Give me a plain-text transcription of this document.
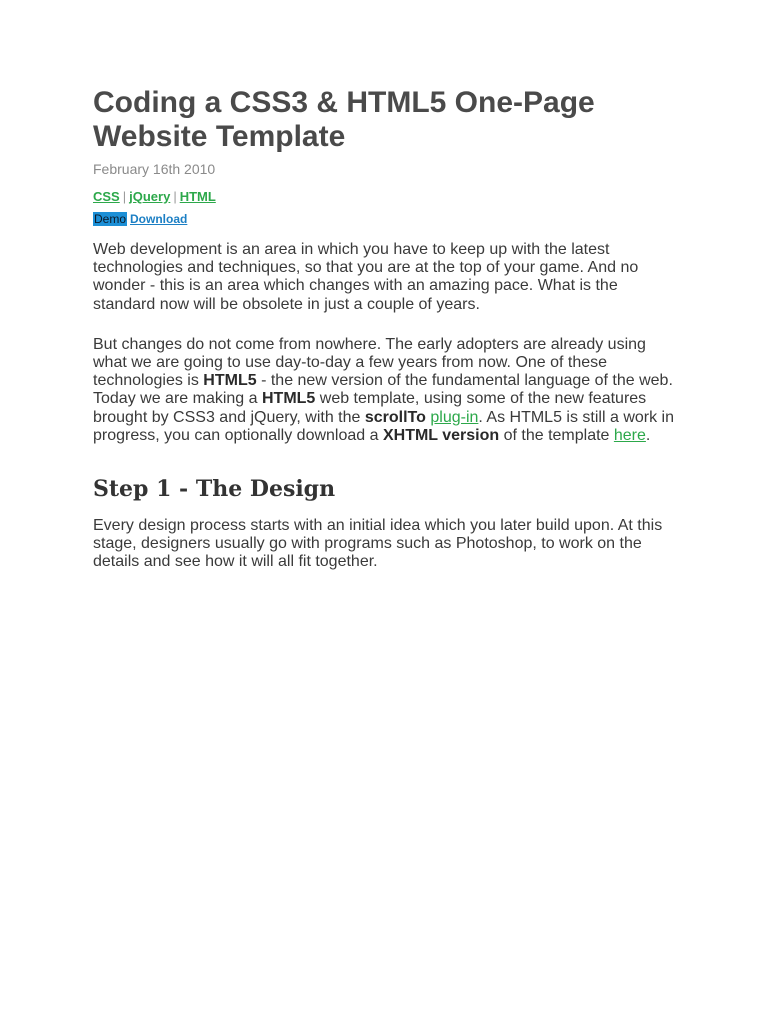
Coding a CSS3 & HTML5 One-Page
Website Template
February 16th 2010
CSS | jQuery | HTML
Demo Download

Web development is an area in which you have to keep up with the latest technologies and techniques, so that you are at the top of your game. And no wonder - this is an area which changes with an amazing pace. What is the standard now will be obsolete in just a couple of years.

But changes do not come from nowhere. The early adopters are already using what we are going to use day-to-day a few years from now. One of these technologies is HTML5 - the new version of the fundamental language of the web.

Today we are making a HTML5 web template, using some of the new features brought by CSS3 and jQuery, with the scrollTo plug-in. As HTML5 is still a work in progress, you can optionally download a XHTML version of the template here.

Step 1 - The Design

Every design process starts with an initial idea which you later build upon. At this stage, designers usually go with programs such as Photoshop, to work on the details and see how it will all fit together.
